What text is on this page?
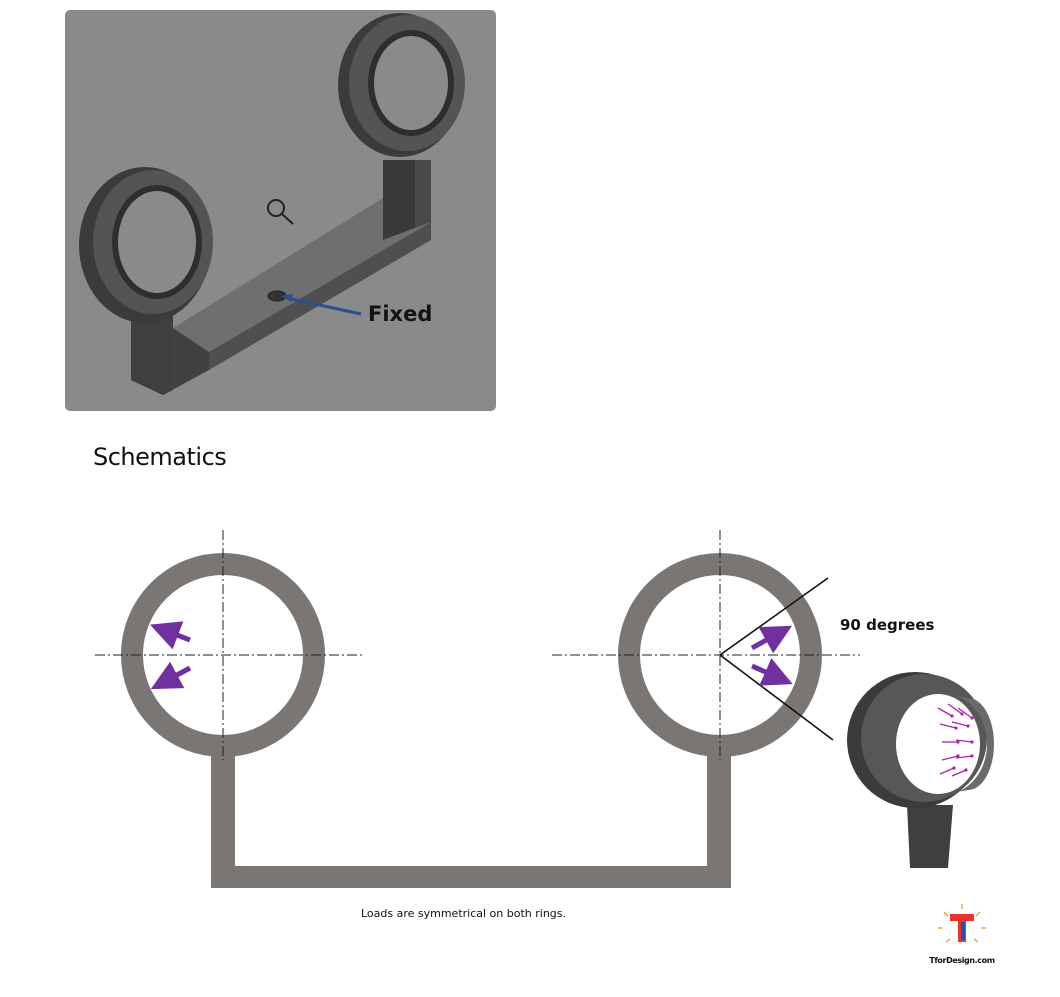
Fixed
Schematics
90 degrees
Loads are symmetrical on both rings.
T
TforDesign.com
